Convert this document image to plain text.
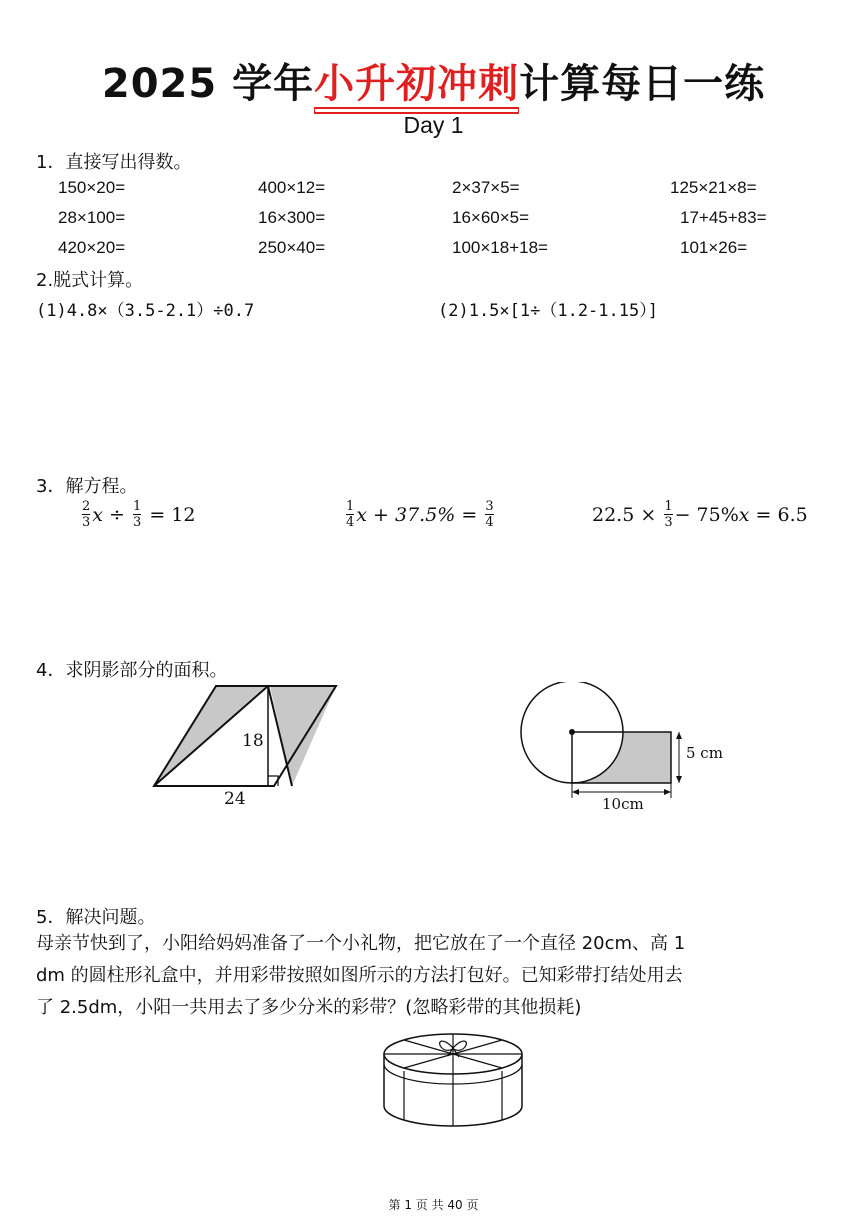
2025 学年小升初冲刺计算每日一练
Day 1
1．直接写出得数。
150×20=	400×12=	2×37×5=	125×21×8=
28×100=	16×300=	16×60×5=	17+45+83=
420×20=	250×40=	100×18+18=	101×26=
2.脱式计算。
(1)4.8×（3.5-2.1）÷0.7	(2)1.5×[1÷（1.2-1.15）]
3．解方程。
$\frac{2}{3}$ $x \div \frac{1}{3} = 12$	$\frac{1}{4}$ $x + 37.5\% = \frac{3}{4}$	$22.5 \times \frac{1}{3} - 75\%$ x = 6.5
4．求阴影部分的面积。
18
24
5 cm
10cm
5．解决问题。
母亲节快到了，小阳给妈妈准备了一个小礼物，把它放在了一个直径 20cm、高 1
dm 的圆柱形礼盒中，并用彩带按照如图所示的方法打包好。已知彩带打结处用去
了 2.5dm，小阳一共用去了多少分米的彩带？(忽略彩带的其他损耗)
第 1 页 共 40 页
